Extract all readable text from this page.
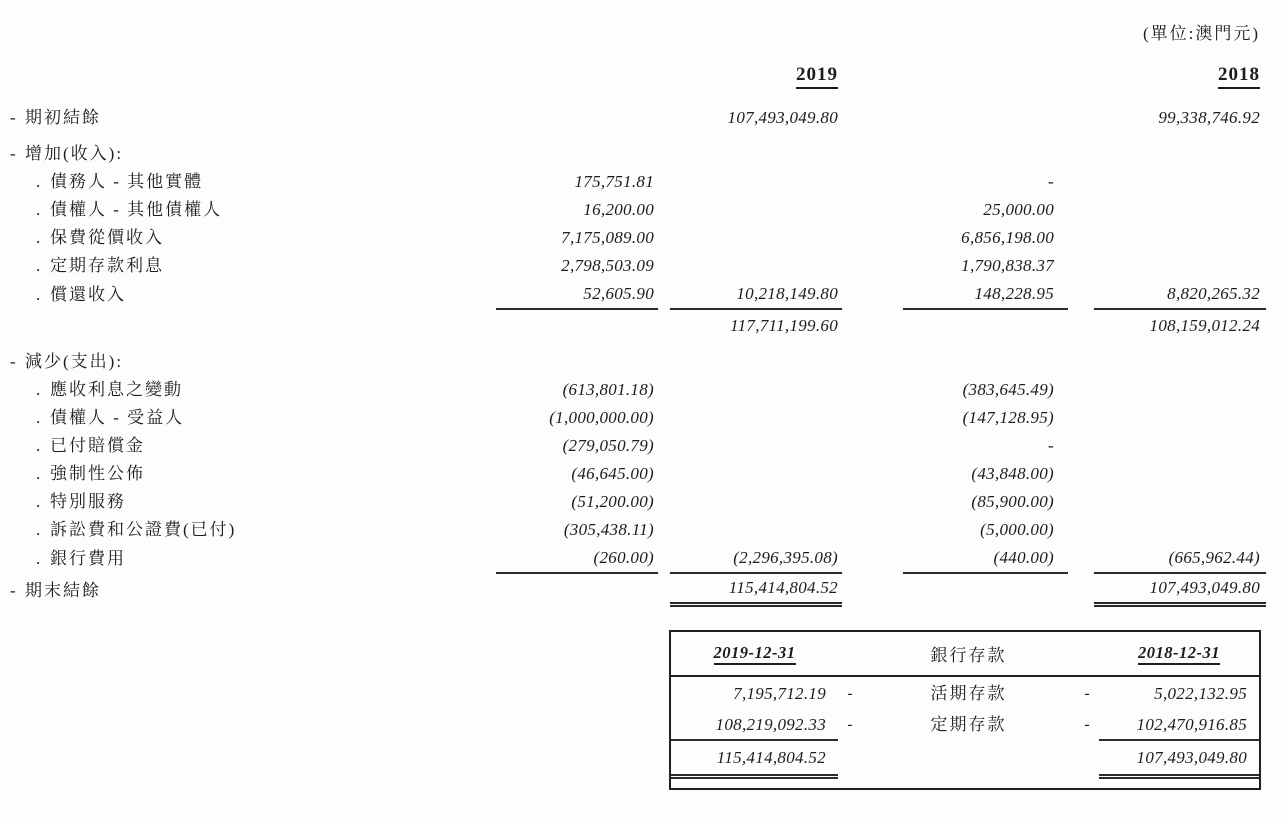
(單位:澳門元)
2019	2018
- 期初結餘	107,493,049.80	99,338,746.92
- 增加(收入):
. 債務人 - 其他實體	175,751.81	-
. 債權人 - 其他債權人	16,200.00	25,000.00
. 保費從價收入	7,175,089.00	6,856,198.00
. 定期存款利息	2,798,503.09	1,790,838.37
. 償還收入	52,605.90	10,218,149.80	148,228.95	8,820,265.32
117,711,199.60	108,159,012.24
- 減少(支出):
. 應收利息之變動	(613,801.18)	(383,645.49)
. 債權人 - 受益人	(1,000,000.00)	(147,128.95)
. 已付賠償金	(279,050.79)	-
. 強制性公佈	(46,645.00)	(43,848.00)
. 特別服務	(51,200.00)	(85,900.00)
. 訴訟費和公證費(已付)	(305,438.11)	(5,000.00)
. 銀行費用	(260.00)	(2,296,395.08)	(440.00)	(665,962.44)
- 期末結餘	115,414,804.52	107,493,049.80
2019-12-31	銀行存款	2018-12-31
7,195,712.19	-	活期存款	-	5,022,132.95
108,219,092.33	-	定期存款	-	102,470,916.85
115,414,804.52	107,493,049.80
